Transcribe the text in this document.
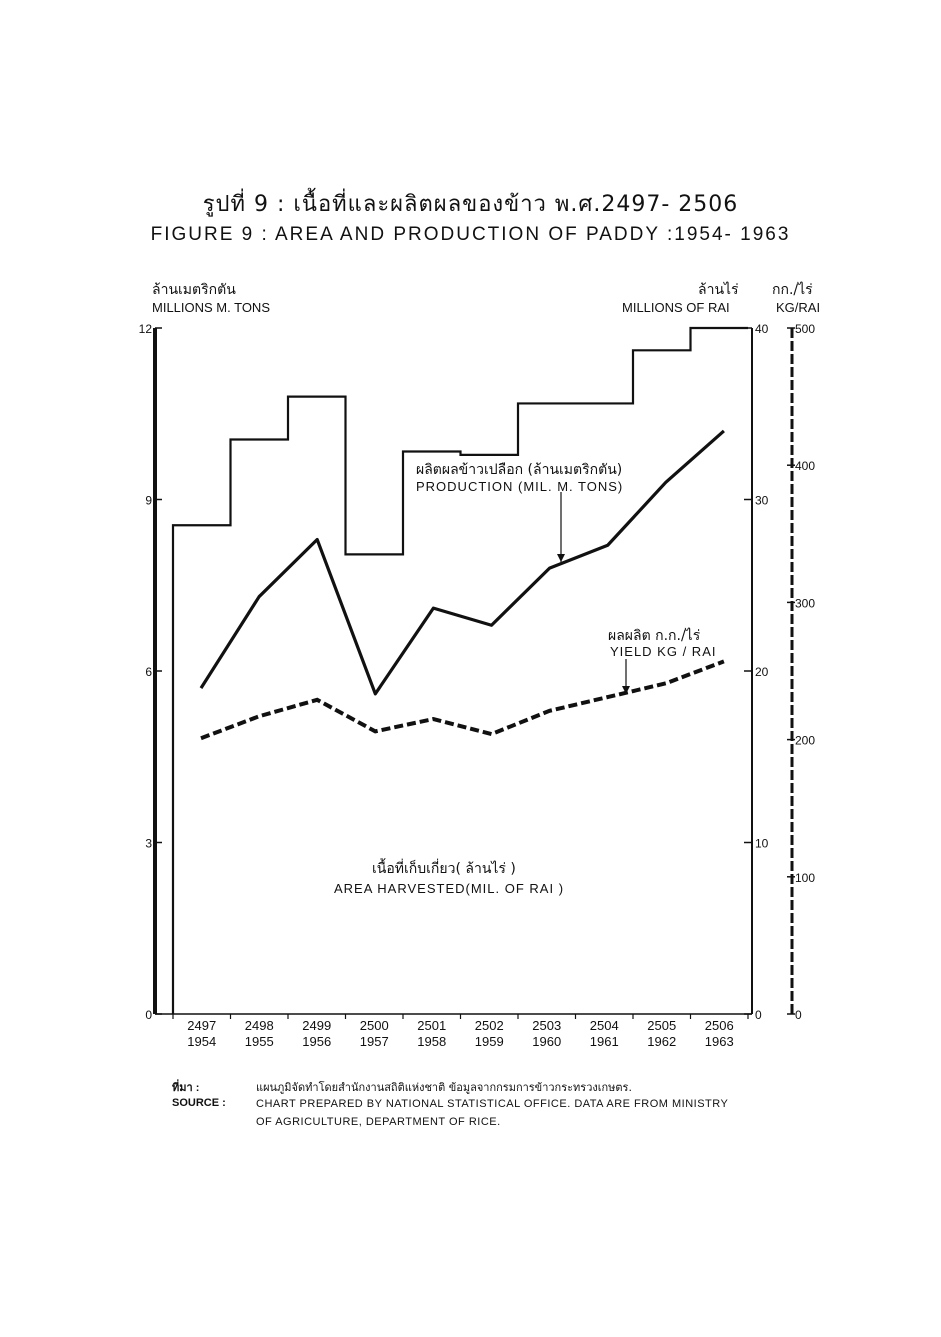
รูปที่ 9 : เนื้อที่และผลิตผลของข้าว พ.ศ.2497- 2506
FIGURE 9 : AREA AND PRODUCTION OF PADDY :1954- 1963
ล้านเมตริกตัน
MILLIONS M. TONS
ล้านไร่
MILLIONS OF RAI
กก./ไร่
KG/RAI
0
3
6
9
12
0
10
20
30
40
0
100
200
300
400
500
2497
1954
2498
1955
2499
1956
2500
1957
2501
1958
2502
1959
2503
1960
2504
1961
2505
1962
2506
1963
ผลิตผลข้าวเปลือก (ล้านเมตริกตัน)
PRODUCTION (MIL. M. TONS)
ผลผลิต ก.ก./ไร่
YIELD KG / RAI
เนื้อที่เก็บเกี่ยว( ล้านไร่ )
AREA HARVESTED(MIL. OF RAI )
ที่มา :	แผนภูมิจัดทำโดยสำนักงานสถิติแห่งชาติ ข้อมูลจากกรมการข้าวกระทรวงเกษตร.
SOURCE :	CHART PREPARED BY NATIONAL STATISTICAL OFFICE. DATA ARE FROM MINISTRY
OF AGRICULTURE, DEPARTMENT OF RICE.
